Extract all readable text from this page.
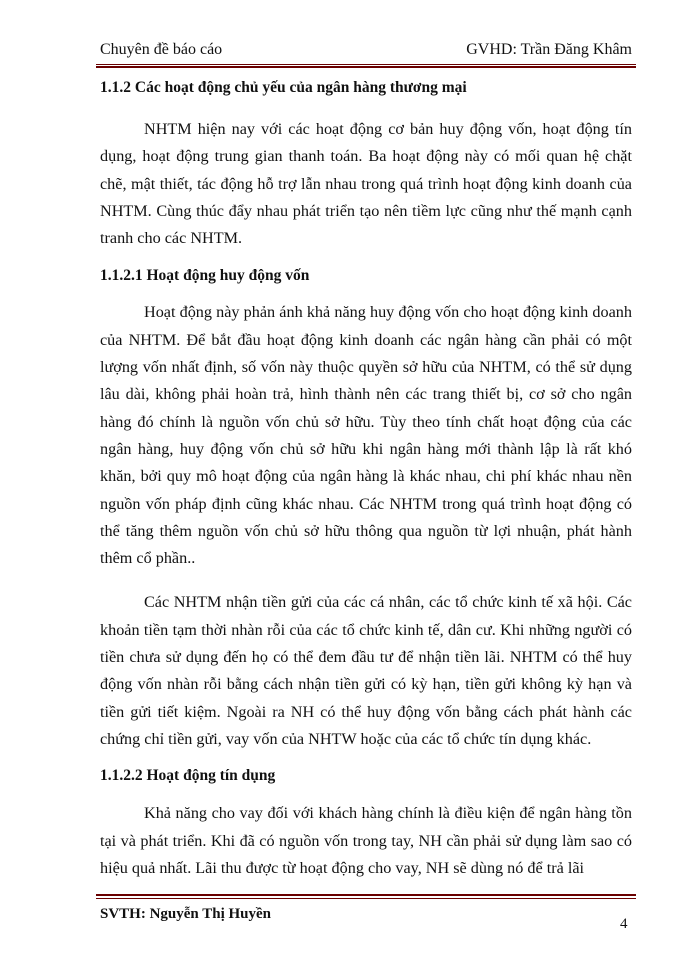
Chuyên đề báo cáo	GVHD: Trần Đăng Khâm

1.1.2 Các hoạt động chủ yếu của ngân hàng thương mại

NHTM hiện nay với các hoạt động cơ bản huy động vốn, hoạt động tín dụng, hoạt động trung gian thanh toán. Ba hoạt động này có mối quan hệ chặt chẽ, mật thiết, tác động hỗ trợ lẫn nhau trong quá trình hoạt động kinh doanh của NHTM. Cùng thúc đẩy nhau phát triển tạo nên tiềm lực cũng như thế mạnh cạnh tranh cho các NHTM.

1.1.2.1 Hoạt động huy động vốn

Hoạt động này phản ánh khả năng huy động vốn cho hoạt động kinh doanh của NHTM. Để bắt đầu hoạt động kinh doanh các ngân hàng cần phải có một lượng vốn nhất định, số vốn này thuộc quyền sở hữu của NHTM, có thể sử dụng lâu dài, không phải hoàn trả, hình thành nên các trang thiết bị, cơ sở cho ngân hàng đó chính là nguồn vốn chủ sở hữu. Tùy theo tính chất hoạt động của các ngân hàng, huy động vốn chủ sở hữu khi ngân hàng mới thành lập là rất khó khăn, bởi quy mô hoạt động của ngân hàng là khác nhau, chi phí khác nhau nền nguồn vốn pháp định cũng khác nhau. Các NHTM trong quá trình hoạt động có thể tăng thêm nguồn vốn chủ sở hữu thông qua nguồn từ lợi nhuận, phát hành thêm cổ phần..

Các NHTM nhận tiền gửi của các cá nhân, các tổ chức kinh tế xã hội. Các khoản tiền tạm thời nhàn rỗi của các tổ chức kinh tế, dân cư. Khi những người có tiền chưa sử dụng đến họ có thể đem đầu tư để nhận tiền lãi. NHTM có thể huy động vốn nhàn rỗi bằng cách nhận tiền gửi có kỳ hạn, tiền gửi không kỳ hạn và tiền gửi tiết kiệm. Ngoài ra NH có thể huy động vốn bằng cách phát hành các chứng chỉ tiền gửi, vay vốn của NHTW hoặc của các tổ chức tín dụng khác.

1.1.2.2 Hoạt động tín dụng

Khả năng cho vay đối với khách hàng chính là điều kiện để ngân hàng tồn tại và phát triển. Khi đã có nguồn vốn trong tay, NH cần phải sử dụng làm sao có hiệu quả nhất. Lãi thu được từ hoạt động cho vay, NH sẽ dùng nó để trả lãi

SVTH: Nguyễn Thị Huyền
4
